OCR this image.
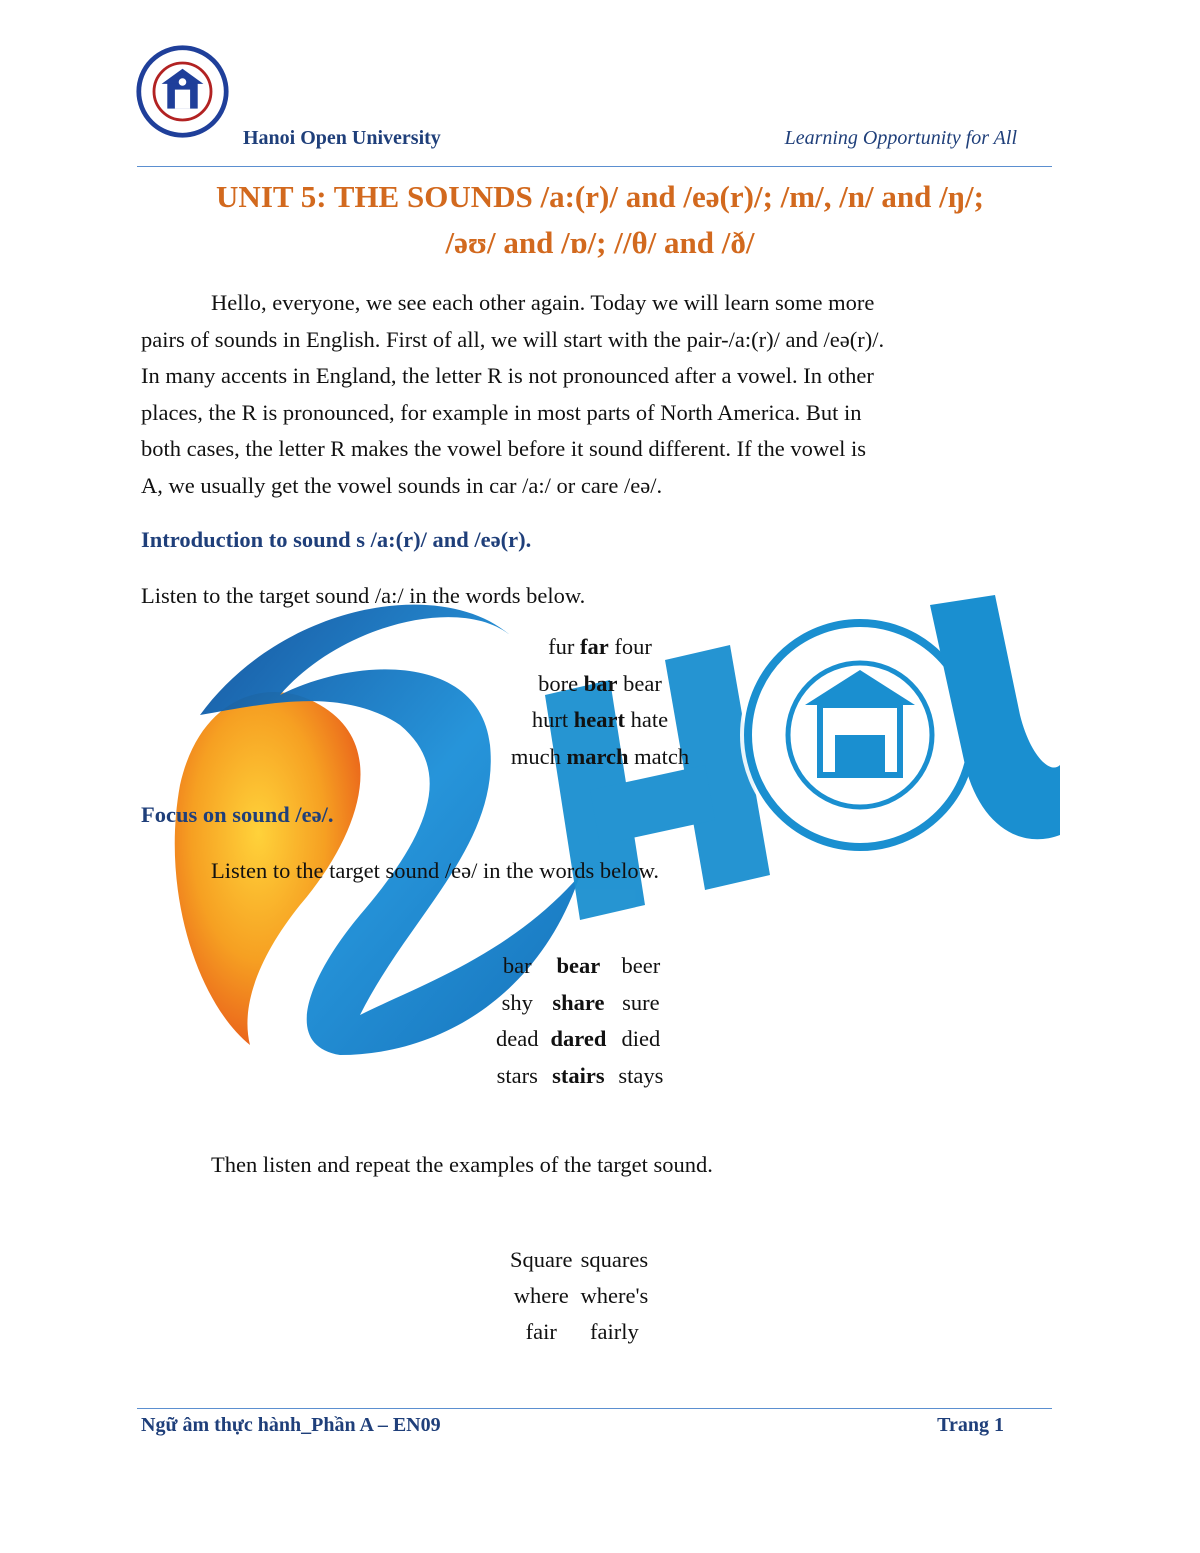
Hanoi Open University	Learning Opportunity for All
UNIT 5: THE SOUNDS /a:(r)/ and /eə(r)/; /m/, /n/ and /ŋ/;
/əʊ/ and /ɒ/; //θ/ and /ð/
Hello, everyone, we see each other again. Today we will learn some more
pairs of sounds in English. First of all, we will start with the pair-/a:(r)/ and /eə(r)/.
In many accents in England, the letter R is not pronounced after a vowel. In other
places, the R is pronounced, for example in most parts of North America. But in
both cases, the letter R makes the vowel before it sound different. If the vowel is
A, we usually get the vowel sounds in car /a:/ or care /eə/.
Introduction to sound s /a:(r)/ and /eə(r).
Listen to the target sound /a:/ in the words below.
fur far four
bore bar bear
hurt heart hate
much march match
Focus on sound /eə/.
Listen to the target sound /eə/ in the words below.
bar	bear	beer
shy	share	sure
dead	dared	died
stars	stairs	stays
Then listen and repeat the examples of the target sound.
Square	squares
where	where's
fair	fairly
Ngữ âm thực hành_Phần A – EN09	Trang 1
